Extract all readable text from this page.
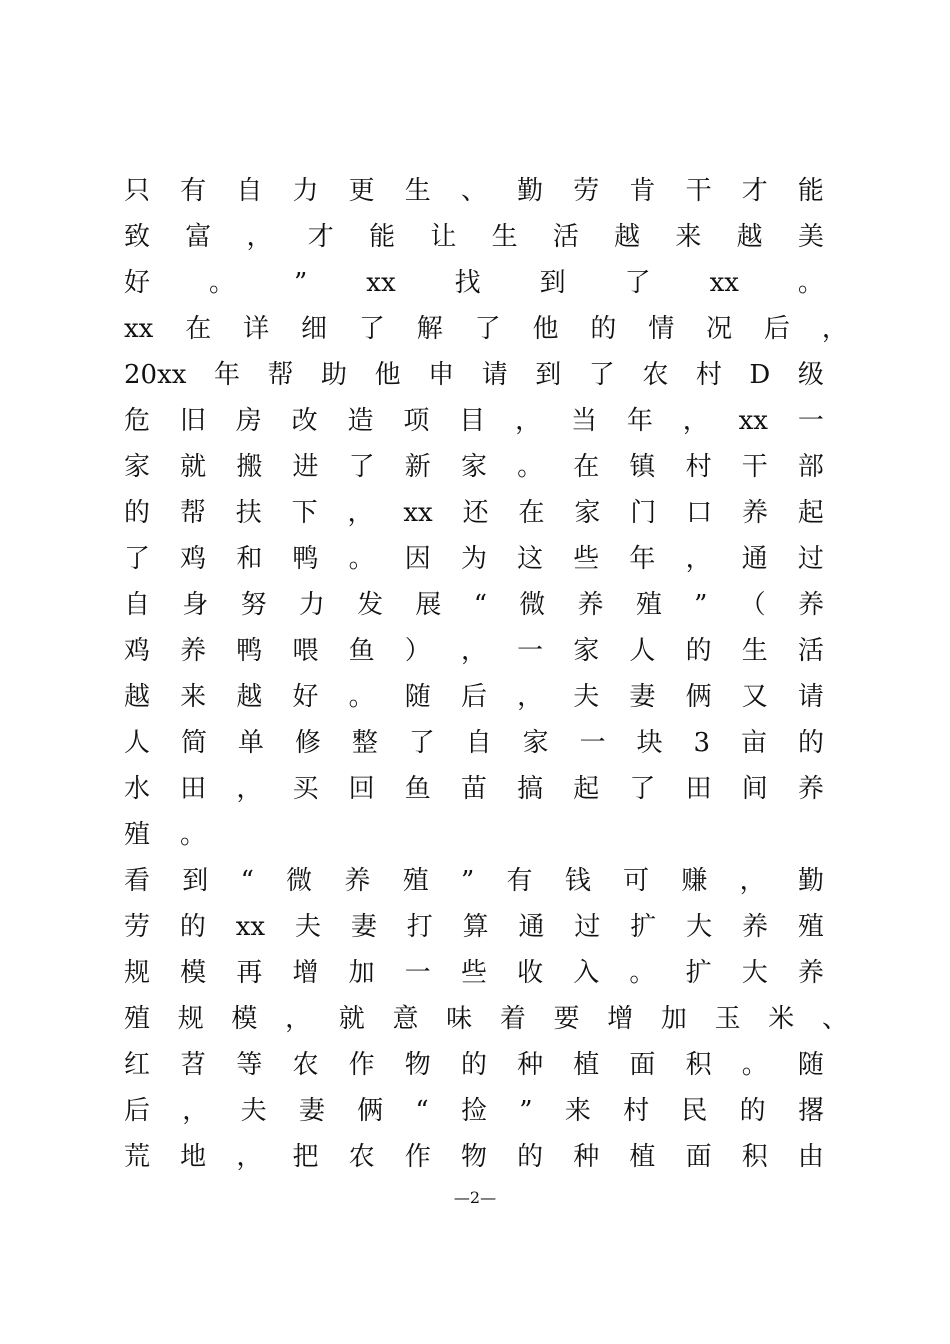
只 有 自 力 更 生 、 勤 劳 肯 干 才 能
致 富 ， 才 能 让 生 活 越 来 越 美
好 。 ” xx 找 到 了 xx 。
xx 在 详 细 了 解 了 他 的 情 况 后 ，
20xx 年 帮 助 他 申 请 到 了 农 村 D 级
危 旧 房 改 造 项 目 ， 当 年 ， xx 一
家 就 搬 进 了 新 家 。 在 镇 村 干 部
的 帮 扶 下 ， xx 还 在 家 门 口 养 起
了 鸡 和 鸭 。 因 为 这 些 年 ， 通 过
自 身 努 力 发 展 “ 微 养 殖 ” （ 养
鸡 养 鸭 喂 鱼 ） ， 一 家 人 的 生 活
越 来 越 好 。 随 后 ， 夫 妻 俩 又 请
人 简 单 修 整 了 自 家 一 块 3 亩 的
水 田 ， 买 回 鱼 苗 搞 起 了 田 间 养
殖 。
看 到 “ 微 养 殖 ” 有 钱 可 赚 ， 勤
劳 的 xx 夫 妻 打 算 通 过 扩 大 养 殖
规 模 再 增 加 一 些 收 入 。 扩 大 养
殖 规 模 ， 就 意 味 着 要 增 加 玉 米 、
红 苕 等 农 作 物 的 种 植 面 积 。 随
后 ， 夫 妻 俩 “ 捡 ” 来 村 民 的 撂
荒 地 ， 把 农 作 物 的 种 植 面 积 由
—2—
